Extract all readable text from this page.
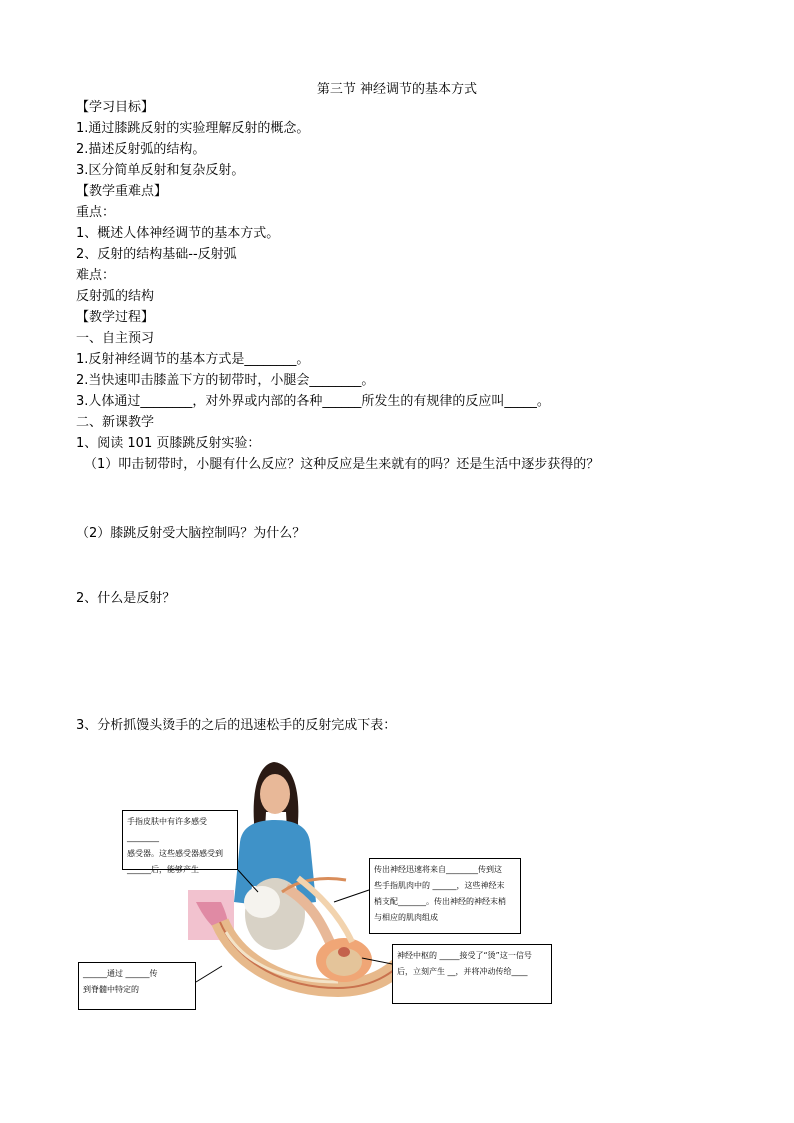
第三节 神经调节的基本方式
【学习目标】
1.通过膝跳反射的实验理解反射的概念。
2.描述反射弧的结构。
3.区分简单反射和复杂反射。
【教学重难点】
重点：
1、概述人体神经调节的基本方式。
2、反射的结构基础--反射弧
难点：
反射弧的结构
【教学过程】
一、自主预习
1.反射神经调节的基本方式是________。
2.当快速叩击膝盖下方的韧带时，小腿会________。
3.人体通过________，对外界或内部的各种______所发生的有规律的反应叫_____。
二、新课教学
1、阅读 101 页膝跳反射实验：
（1）叩击韧带时，小腿有什么反应？这种反应是生来就有的吗？还是生活中逐步获得的？
（2）膝跳反射受大脑控制吗？为什么？
2、什么是反射？
3、分析抓馒头烫手的之后的迅速松手的反射完成下表：
手指皮肤中有许多感受________
感受器。这些感受器感受到
______后，能够产生	传出神经迅速将来自________传到这
些手指肌肉中的 ______，这些神经末
梢支配_______。传出神经的神经末梢
与相应的肌肉组成
神经中枢的 _____接受了“烫”这一信号
后，立刻产生 __，并将冲动传给____
______通过 ______传
到脊髓中特定的
